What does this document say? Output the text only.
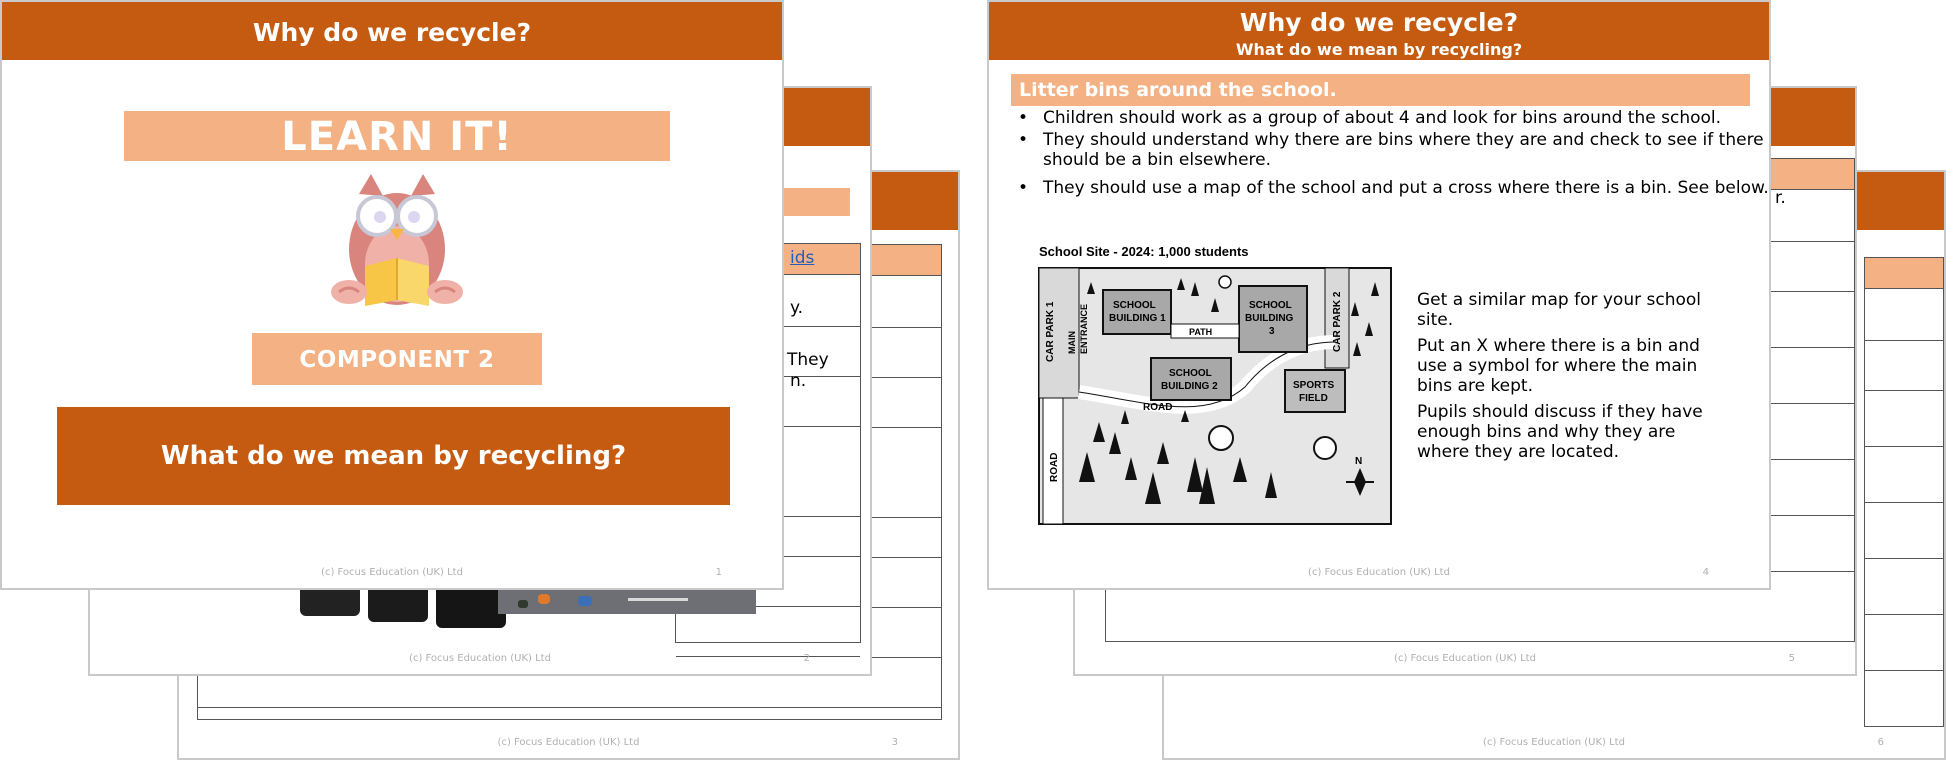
(c) Focus Education (UK) Ltd	3
ids
y.
They
n.
(c) Focus Education (UK) Ltd	2
Why do we recycle?
LEARN IT!
COMPONENT 2
What do we mean by recycling?
(c) Focus Education (UK) Ltd	1
(c) Focus Education (UK) Ltd	6
r.
(c) Focus Education (UK) Ltd	5
Why do we recycle?
What do we mean by recycling?
Litter bins around the school.
• Children should work as a group of about 4 and look for bins around the school.
• They should understand why there are bins where they are and check to see if there should be a bin elsewhere.
• They should use a map of the school and put a cross where there is a bin. See below.
School Site - 2024: 1,000 students
CAR PARK 1 MAIN ENTRANCE SCHOOL
BUILDING 1
SCHOOL
BUILDING
3
PATH
SCHOOL
BUILDING 2
CAR PARK 2
SPORTS
FIELD
ROAD
ROAD	N

Get a similar map for your school site.

Put an X where there is a bin and use a symbol for where the main bins are kept.

Pupils should discuss if they have enough bins and why they are where they are located.

(c) Focus Education (UK) Ltd	4
